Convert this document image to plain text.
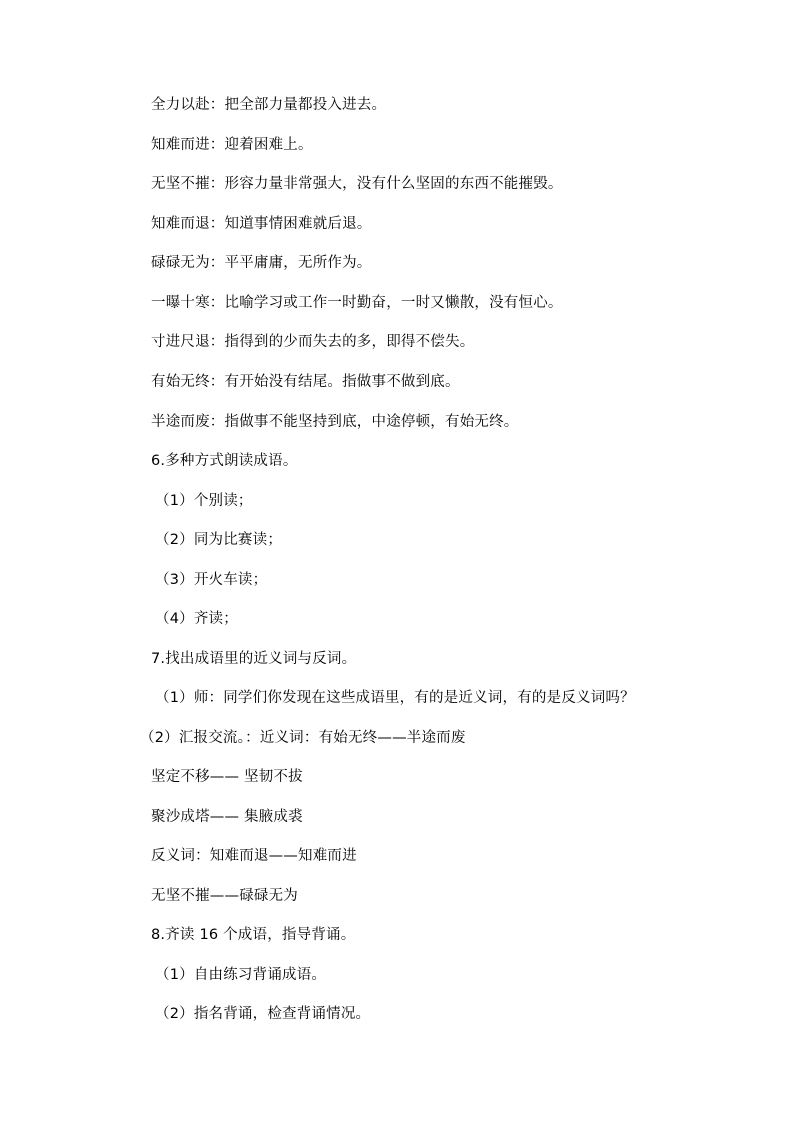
全力以赴：把全部力量都投入进去。
知难而进：迎着困难上。
无坚不摧：形容力量非常强大，没有什么坚固的东西不能摧毁。
知难而退：知道事情困难就后退。
碌碌无为：平平庸庸，无所作为。
一曝十寒：比喻学习或工作一时勤奋，一时又懒散，没有恒心。
寸进尺退：指得到的少而失去的多，即得不偿失。
有始无终：有开始没有结尾。指做事不做到底。
半途而废：指做事不能坚持到底，中途停顿，有始无终。
6.多种方式朗读成语。
（1）个别读；
（2）同为比赛读；
（3）开火车读；
（4）齐读；
7.找出成语里的近义词与反词。
（1）师：同学们你发现在这些成语里，有的是近义词，有的是反义词吗？
（2）汇报交流。：近义词：有始无终——半途而废
坚定不移—— 坚韧不拔
聚沙成塔—— 集腋成裘
反义词：知难而退——知难而进
无坚不摧——碌碌无为
8.齐读 16 个成语，指导背诵。
（1）自由练习背诵成语。
（2）指名背诵，检查背诵情况。
